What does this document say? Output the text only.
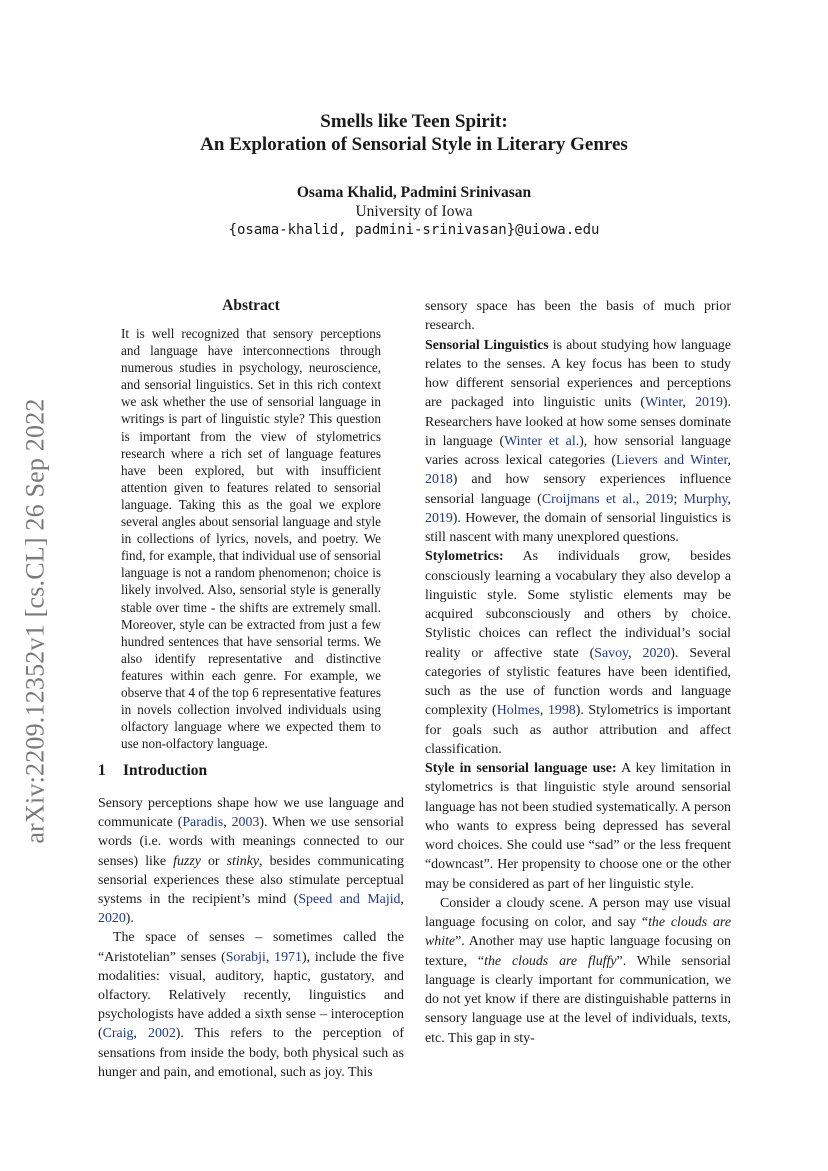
arXiv:2209.12352v1 [cs.CL] 26 Sep 2022
Smells like Teen Spirit:
An Exploration of Sensorial Style in Literary Genres
Osama Khalid, Padmini Srinivasan
University of Iowa
{osama-khalid, padmini-srinivasan}@uiowa.edu
Abstract
It is well recognized that sensory perceptions and language have interconnections through numerous studies in psychology, neuroscience, and sensorial linguistics. Set in this rich context we ask whether the use of sensorial language in writings is part of linguistic style? This question is important from the view of stylometrics research where a rich set of language features have been explored, but with insufficient attention given to features related to sensorial language. Taking this as the goal we explore several angles about sensorial language and style in collections of lyrics, novels, and poetry. We find, for example, that individual use of sensorial language is not a random phenomenon; choice is likely involved. Also, sensorial style is generally stable over time - the shifts are extremely small. Moreover, style can be extracted from just a few hundred sentences that have sensorial terms. We also identify representative and distinctive features within each genre. For example, we observe that 4 of the top 6 representative features in novels collection involved individuals using olfactory language where we expected them to use non-olfactory language.
1 Introduction

Sensory perceptions shape how we use language and communicate (Paradis, 2003). When we use sensorial words (i.e. words with meanings connected to our senses) like fuzzy or stinky, besides communicating sensorial experiences these also stimulate perceptual systems in the recipient’s mind (Speed and Majid, 2020).

The space of senses – sometimes called the “Aristotelian” senses (Sorabji, 1971), include the five modalities: visual, auditory, haptic, gustatory, and olfactory. Relatively recently, linguistics and psychologists have added a sixth sense – interoception (Craig, 2002). This refers to the perception of sensations from inside the body, both physical such as hunger and pain, and emotional, such as joy. This

sensory space has been the basis of much prior research.

Sensorial Linguistics is about studying how language relates to the senses. A key focus has been to study how different sensorial experiences and perceptions are packaged into linguistic units (Winter, 2019). Researchers have looked at how some senses dominate in language (Winter et al.), how sensorial language varies across lexical categories (Lievers and Winter, 2018) and how sensory experiences influence sensorial language (Croijmans et al., 2019; Murphy, 2019). However, the domain of sensorial linguistics is still nascent with many unexplored questions.

Stylometrics: As individuals grow, besides consciously learning a vocabulary they also develop a linguistic style. Some stylistic elements may be acquired subconsciously and others by choice. Stylistic choices can reflect the individual’s social reality or affective state (Savoy, 2020). Several categories of stylistic features have been identified, such as the use of function words and language complexity (Holmes, 1998). Stylometrics is important for goals such as author attribution and affect classification.

Style in sensorial language use: A key limitation in stylometrics is that linguistic style around sensorial language has not been studied systematically. A person who wants to express being depressed has several word choices. She could use “sad” or the less frequent “downcast”. Her propensity to choose one or the other may be considered as part of her linguistic style.

Consider a cloudy scene. A person may use visual language focusing on color, and say “the clouds are white”. Another may use haptic language focusing on texture, “the clouds are fluffy”. While sensorial language is clearly important for communication, we do not yet know if there are distinguishable patterns in sensory language use at the level of individuals, texts, etc. This gap in sty-
